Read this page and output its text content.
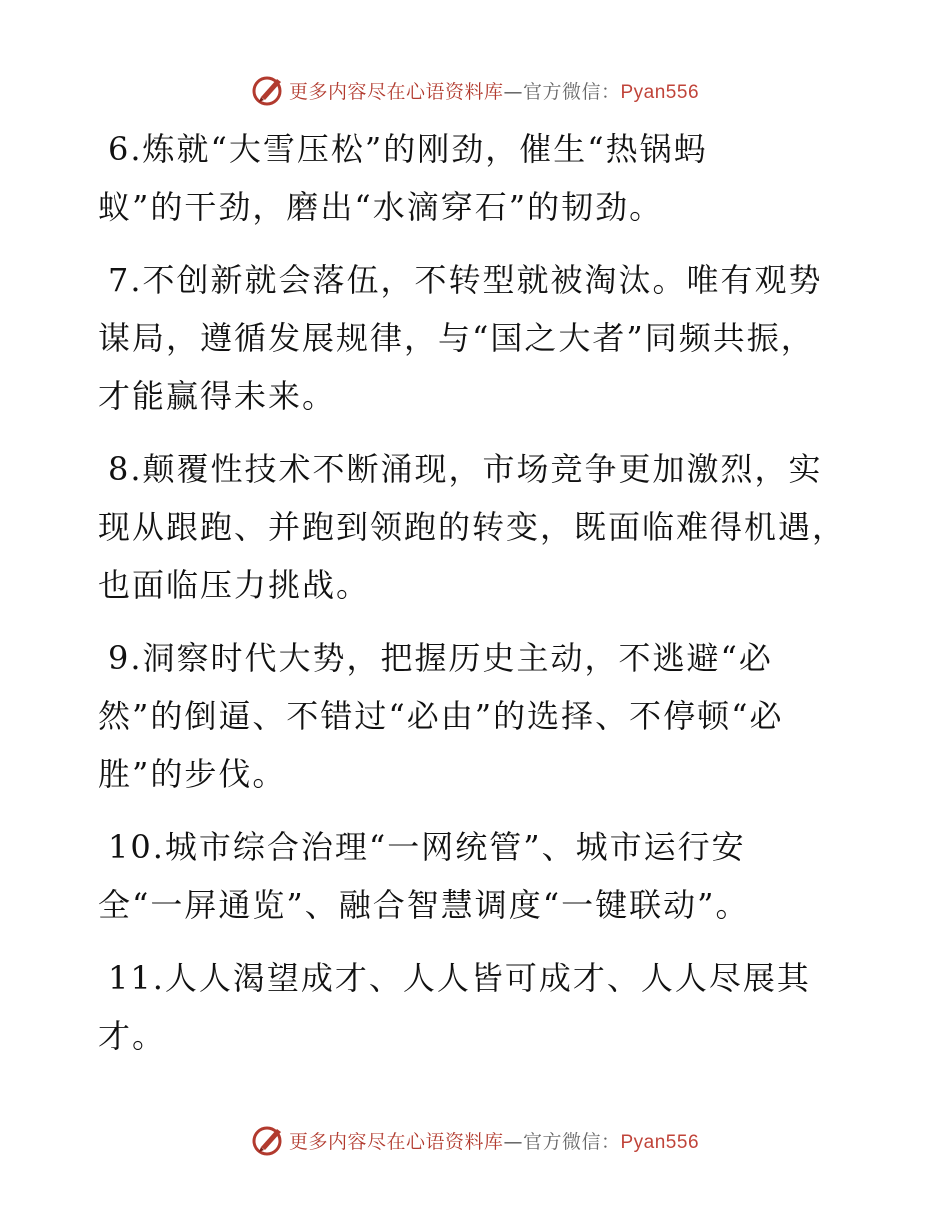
更多内容尽在心语资料库—官方微信：Pyan556

6.炼就“大雪压松”的刚劲，催生“热锅蚂
蚁”的干劲，磨出“水滴穿石”的韧劲。

7.不创新就会落伍，不转型就被淘汰。唯有观势
谋局，遵循发展规律，与“国之大者”同频共振，
才能赢得未来。

8.颠覆性技术不断涌现，市场竞争更加激烈，实
现从跟跑、并跑到领跑的转变，既面临难得机遇，
也面临压力挑战。

9.洞察时代大势，把握历史主动，不逃避“必
然”的倒逼、不错过“必由”的选择、不停顿“必
胜”的步伐。

10.城市综合治理“一网统管”、城市运行安
全“一屏通览”、融合智慧调度“一键联动”。

11.人人渴望成才、人人皆可成才、人人尽展其
才。

更多内容尽在心语资料库—官方微信：Pyan556
